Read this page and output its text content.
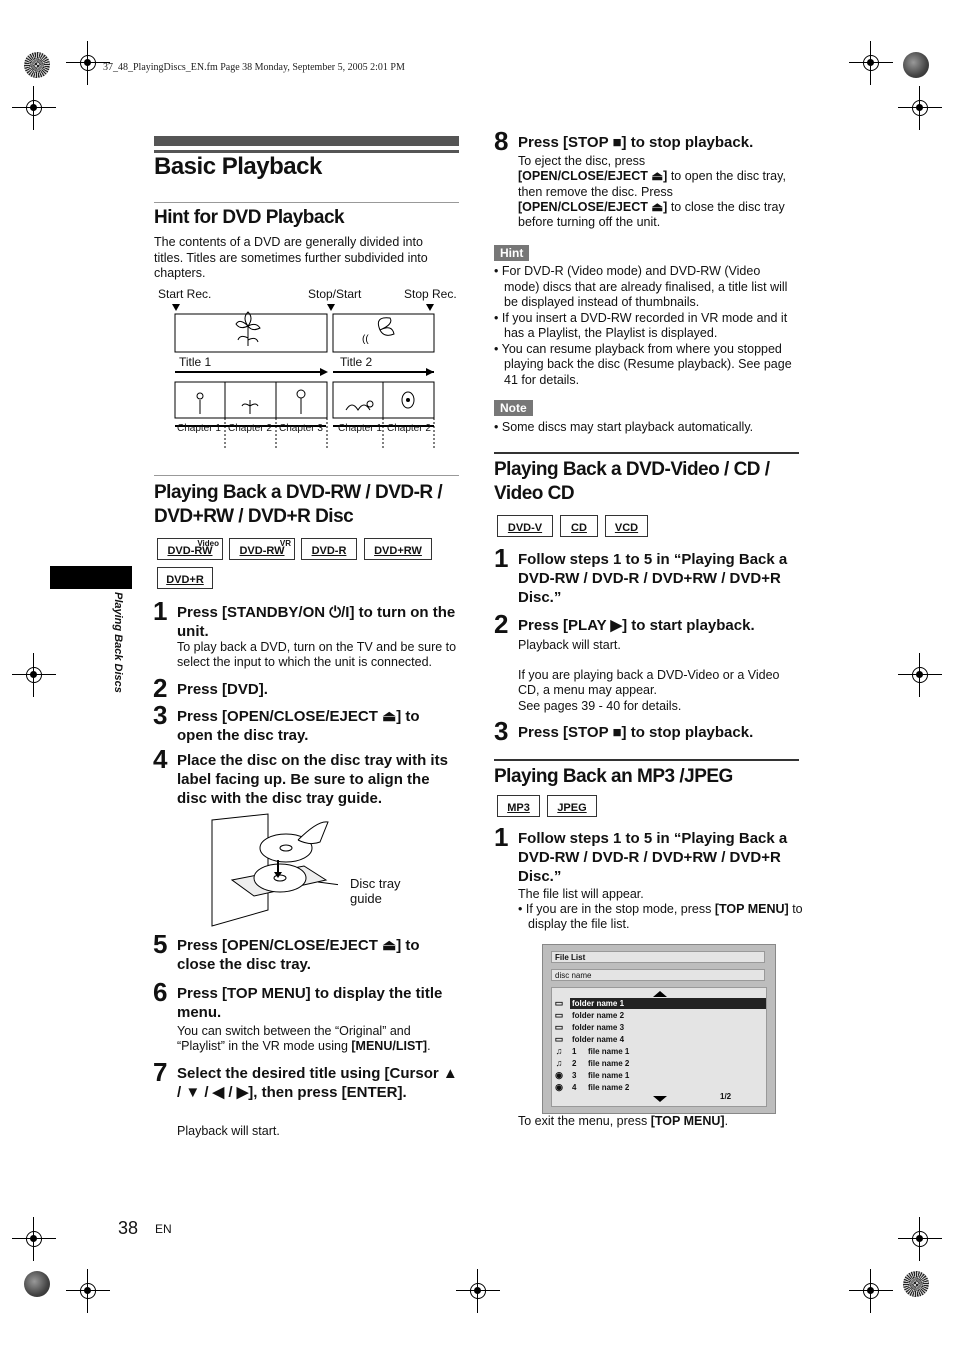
37_48_PlayingDiscs_EN.fm Page 38 Monday, September 5, 2005 2:01 PM
Playing Back Discs
Basic Playback
Hint for DVD Playback
The contents of a DVD are generally divided into titles. Titles are sometimes further subdivided into chapters.
Start Rec.	Stop/Start	Stop Rec.
((
Title 1	Title 2
Chapter 1 Chapter 2 Chapter 3 Chapter 1 Chapter 2
Playing Back a DVD-RW / DVD-R /
DVD+RW / DVD+R Disc
Video
DVD-RW
VR
DVD-RW DVD-R	DVD+RW
DVD+R
1 Press [STANDBY/ON ⏻/I] to turn on the unit.
To play back a DVD, turn on the TV and be sure to select the input to which the unit is connected.
2 Press [DVD].
3 Press [OPEN/CLOSE/EJECT ⏏] to open the disc tray.
4 Place the disc on the disc tray with its label facing up. Be sure to align the disc with the disc tray guide.
Disc tray guide
5 Press [OPEN/CLOSE/EJECT ⏏] to close the disc tray.
6 Press [TOP MENU] to display the title menu.
You can switch between the “Original” and “Playlist” in the VR mode using [MENU/LIST].
7 Select the desired title using [Cursor ▲ / ▼ / ◀ / ▶], then press [ENTER].
Playback will start.
8 Press [STOP ■] to stop playback.
To eject the disc, press
[OPEN/CLOSE/EJECT ⏏] to open the disc tray, then remove the disc. Press
[OPEN/CLOSE/EJECT ⏏] to close the disc tray before turning off the unit.
Hint
• For DVD-R (Video mode) and DVD-RW (Video mode) discs that are already finalised, a title list will be displayed instead of thumbnails.
• If you insert a DVD-RW recorded in VR mode and it has a Playlist, the Playlist is displayed.
• You can resume playback from where you stopped playing back the disc (Resume playback). See page 41 for details.
Note
• Some discs may start playback automatically.
Playing Back a DVD-Video / CD /
Video CD
DVD-V	CD	VCD
1 Follow steps 1 to 5 in “Playing Back a DVD-RW / DVD-R / DVD+RW / DVD+R Disc.”
2 Press [PLAY ▶] to start playback.
Playback will start.
If you are playing back a DVD-Video or a Video CD, a menu may appear.
See pages 39 - 40 for details.
3 Press [STOP ■] to stop playback.
Playing Back an MP3 /JPEG
MP3	JPEG
1 Follow steps 1 to 5 in “Playing Back a DVD-RW / DVD-R / DVD+RW / DVD+R Disc.”
The file list will appear.
• If you are in the stop mode, press [TOP MENU] to display the file list.
File List
disc name
▭ folder name 1
▭ folder name 2
▭ folder name 3
▭ folder name 4
♫ 1 file name 1
♫ 2 file name 2
◉ 3 file name 1
◉ 4 file name 2
1/2
To exit the menu, press [TOP MENU].
38 EN
